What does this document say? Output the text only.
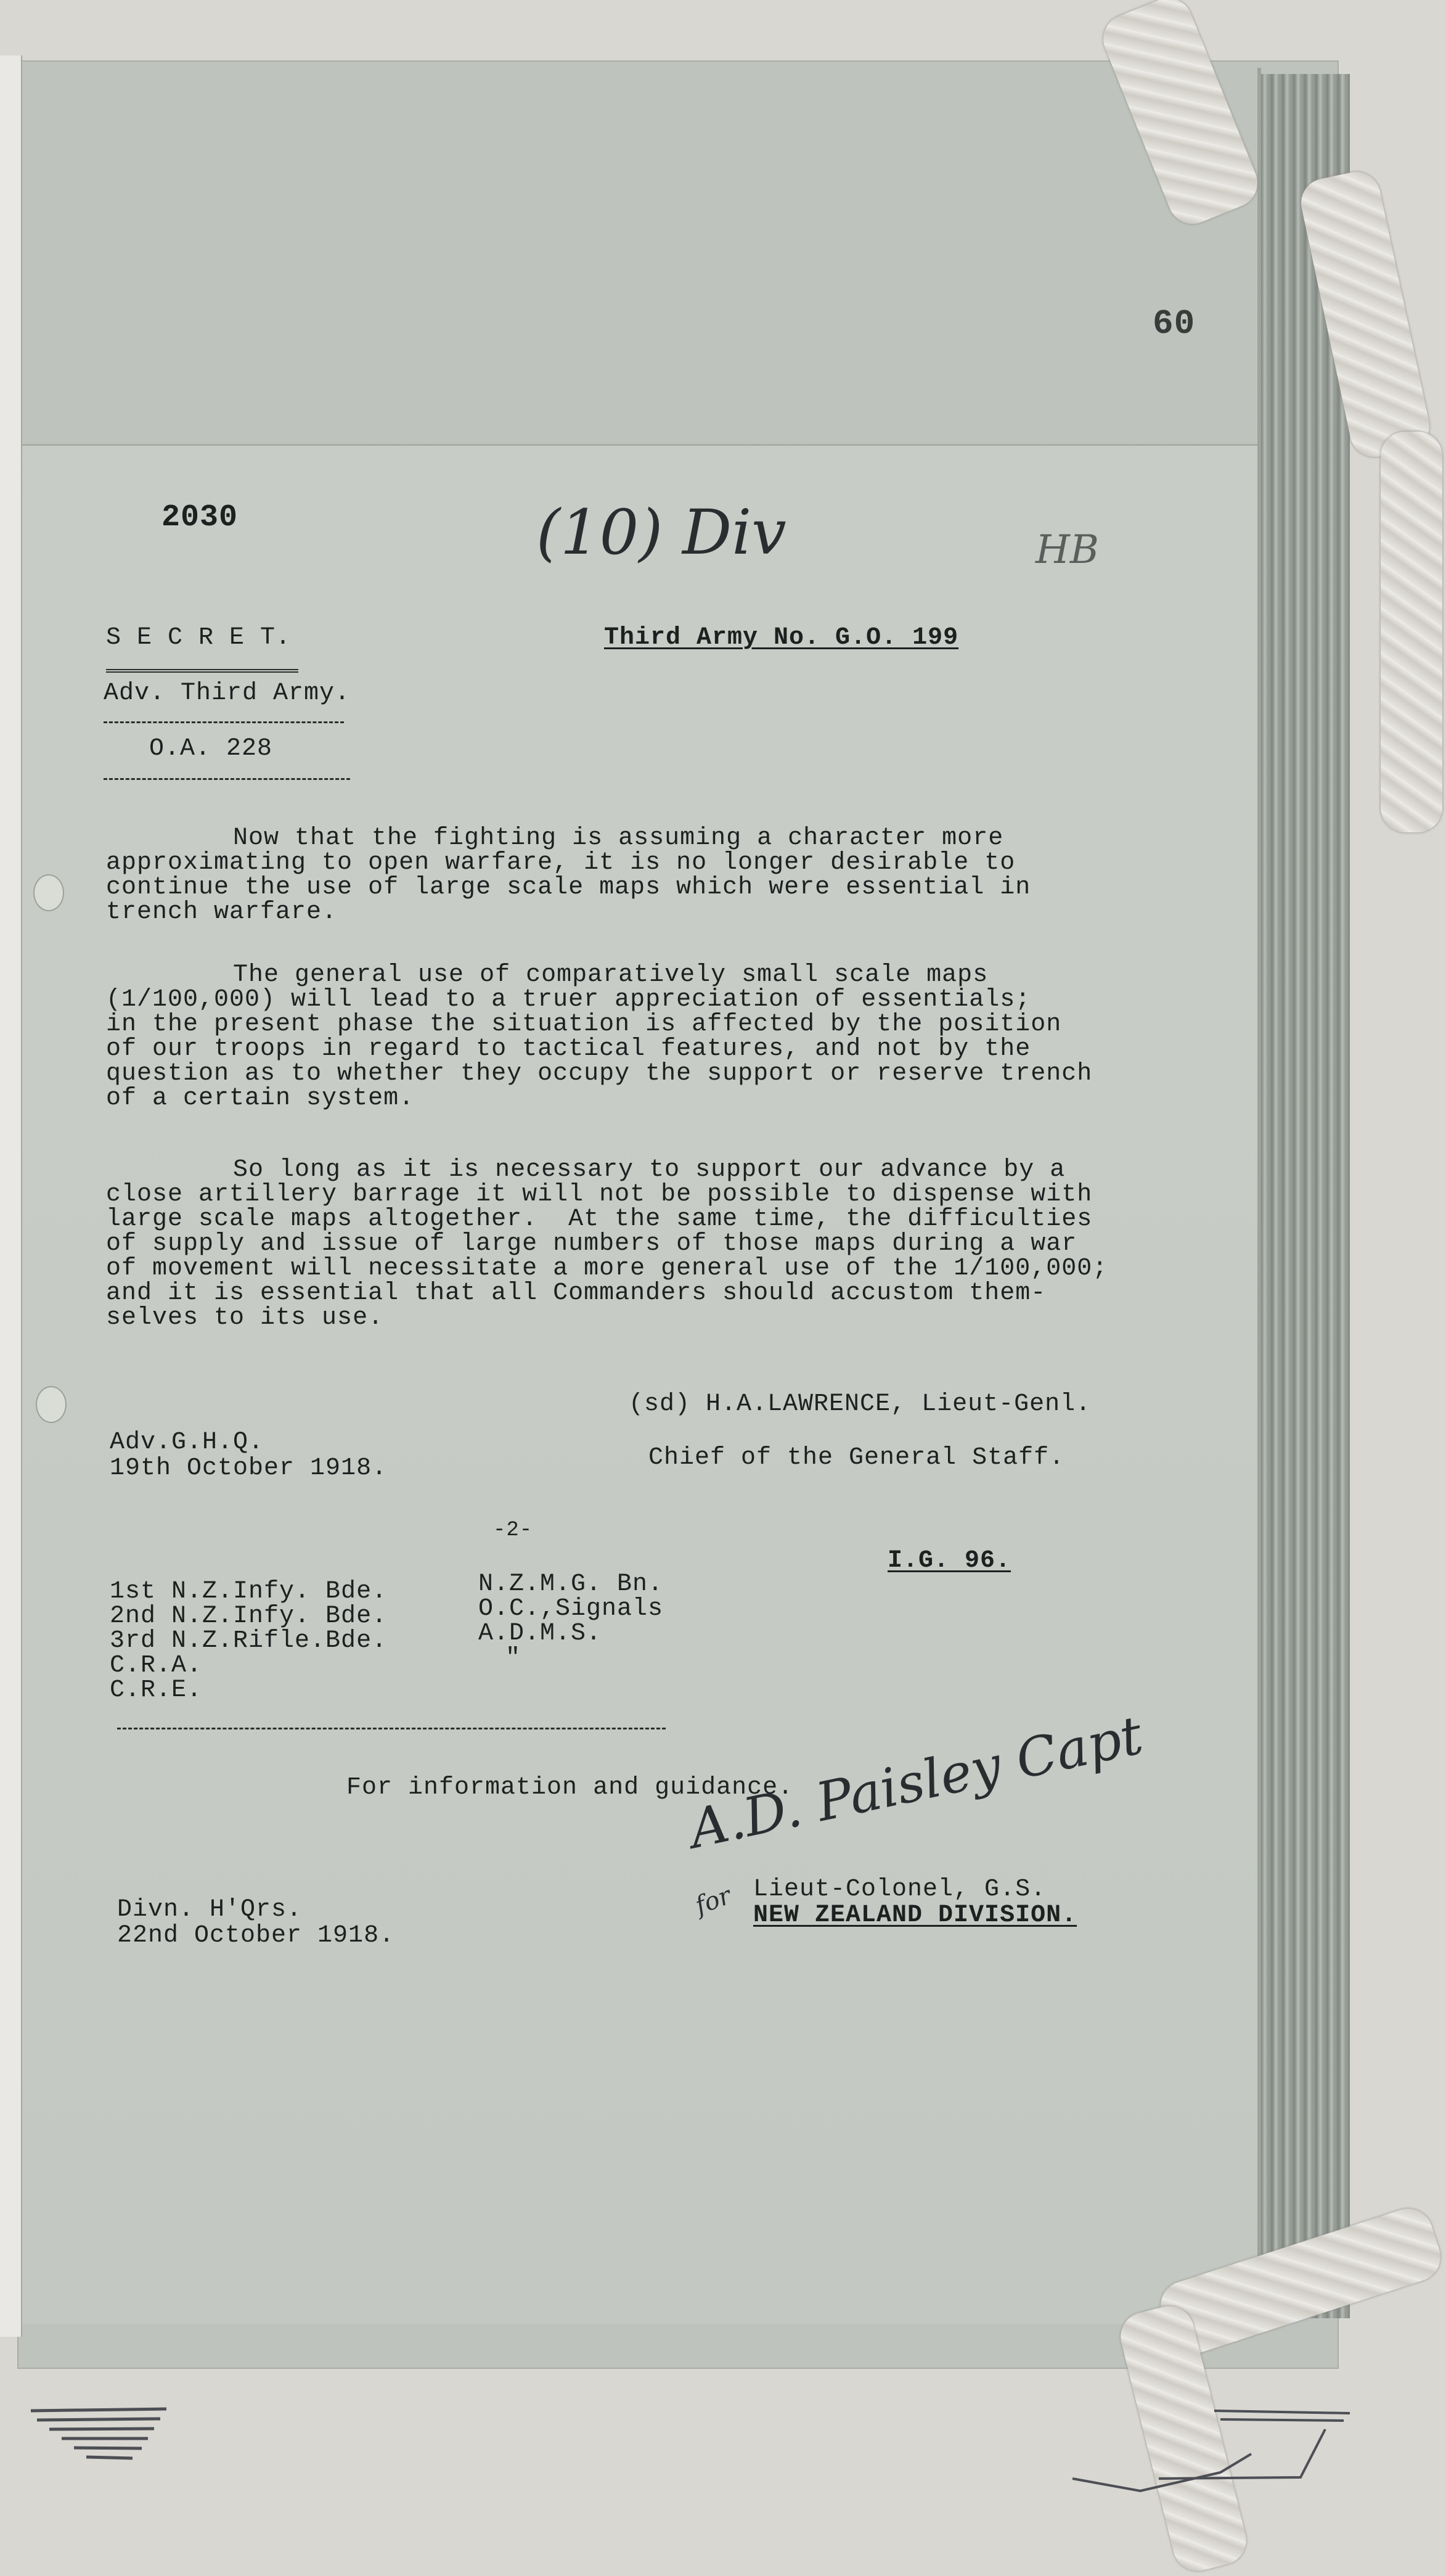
60
2030	(10) Div	HB
S E C R E T.	Third Army No. G.O. 199
Adv. Third Army.
O.A. 228
Now that the fighting is assuming a character more
approximating to open warfare, it is no longer desirable to
continue the use of large scale maps which were essential in
trench warfare.
The general use of comparatively small scale maps
(1/100,000) will lead to a truer appreciation of essentials;
in the present phase the situation is affected by the position
of our troops in regard to tactical features, and not by the
question as to whether they occupy the support or reserve trench
of a certain system.
So long as it is necessary to support our advance by a
close artillery barrage it will not be possible to dispense with
large scale maps altogether.  At the same time, the difficulties
of supply and issue of large numbers of those maps during a war
of movement will necessitate a more general use of the 1/100,000;
and it is essential that all Commanders should accustom them-
selves to its use.
(sd) H.A.LAWRENCE, Lieut-Genl.
Adv.G.H.Q.
19th October 1918.	Chief of the General Staff.
-2-
I.G. 96.
1st N.Z.Infy. Bde.
2nd N.Z.Infy. Bde.
3rd N.Z.Rifle.Bde.
C.R.A.
C.R.E.
N.Z.M.G. Bn.
O.C.,Signals
A.D.M.S.
"
For information and guidance.
A.D. Paisley Capt
for Lieut-Colonel, G.S.
NEW ZEALAND DIVISION.
Divn. H'Qrs.
22nd October 1918.
